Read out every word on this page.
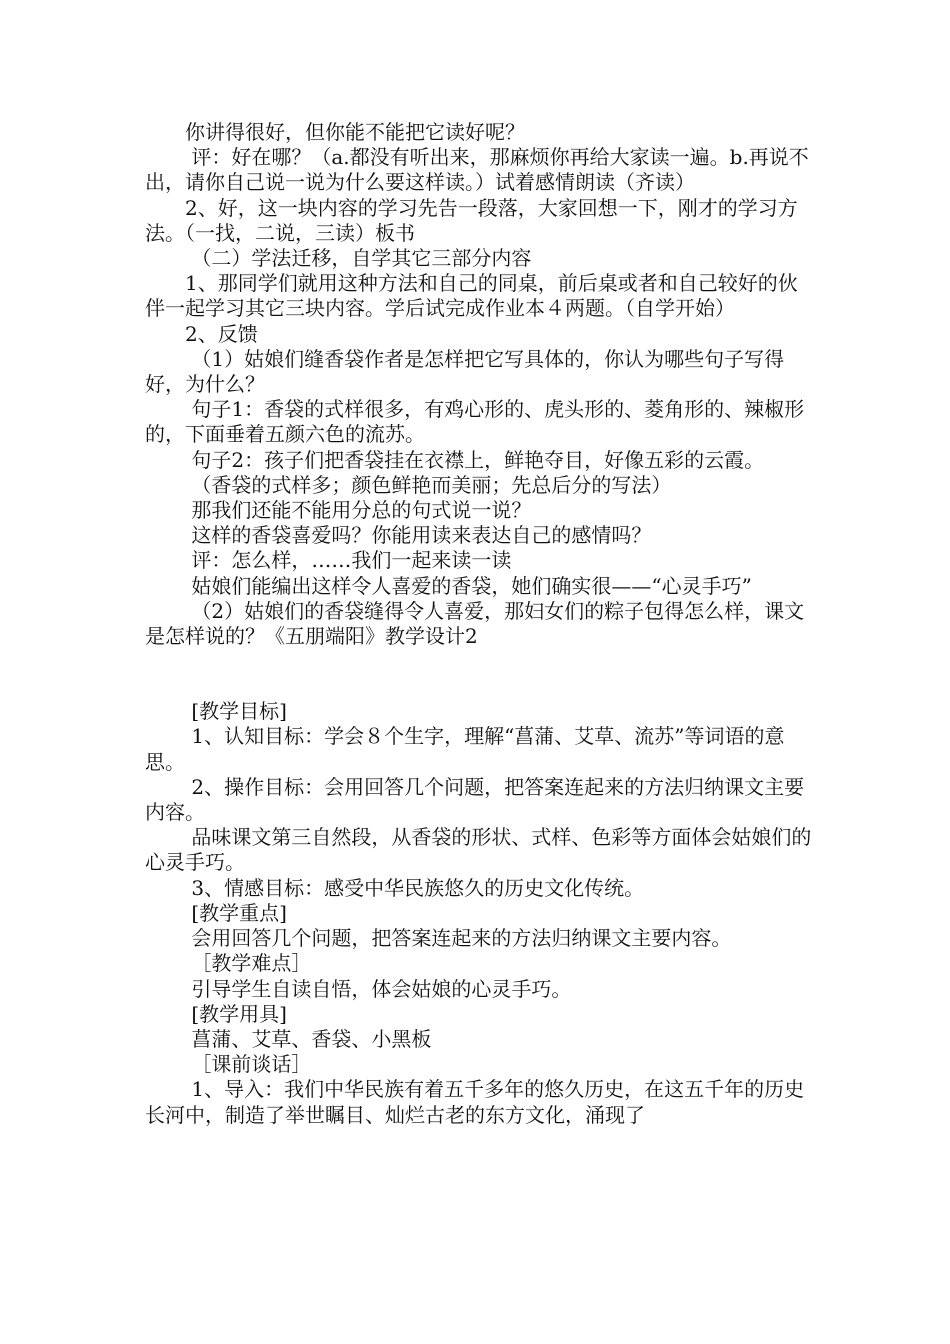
　　你讲得很好，但你能不能把它读好呢？
　　 评：好在哪？（a.都没有听出来，那麻烦你再给大家读一遍。b.再说不出，请你自己说一说为什么要这样读。）试着感情朗读（齐读）
　　2、好，这一块内容的学习先告一段落，大家回想一下，刚才的学习方法。（一找，二说，三读）板书
　　 （二）学法迁移，自学其它三部分内容
　　1、那同学们就用这种方法和自己的同桌，前后桌或者和自己较好的伙伴一起学习其它三块内容。学后试完成作业本４两题。（自学开始）
　　2、反馈
　　 （1）姑娘们缝香袋作者是怎样把它写具体的，你认为哪些句子写得好，为什么？
　　 句子1：香袋的式样很多，有鸡心形的、虎头形的、菱角形的、辣椒形的，下面垂着五颜六色的流苏。
　　 句子2：孩子们把香袋挂在衣襟上，鲜艳夺目，好像五彩的云霞。
　　 （香袋的式样多；颜色鲜艳而美丽；先总后分的写法）
　　 那我们还能不能用分总的句式说一说？
　　 这样的香袋喜爱吗？你能用读来表达自己的感情吗？
　　 评：怎么样，……我们一起来读一读
　　 姑娘们能编出这样令人喜爱的香袋，她们确实很——“心灵手巧”
　　 （2）姑娘们的香袋缝得令人喜爱，那妇女们的粽子包得怎么样，课文是怎样说的？《五朋端阳》教学设计2
　　 [教学目标]
　　 1、认知目标：学会８个生字，理解“菖蒲、艾草、流苏”等词语的意思。
　　 2、操作目标：会用回答几个问题，把答案连起来的方法归纳课文主要内容。
　　 品味课文第三自然段，从香袋的形状、式样、色彩等方面体会姑娘们的心灵手巧。
　　 3、情感目标：感受中华民族悠久的历史文化传统。
　　 [教学重点]
　　 会用回答几个问题，把答案连起来的方法归纳课文主要内容。
　　 ［教学难点］
　　 引导学生自读自悟，体会姑娘的心灵手巧。
　　 [教学用具]
　　 菖蒲、艾草、香袋、小黑板
　　 ［课前谈话］
　　 1、导入：我们中华民族有着五千多年的悠久历史，在这五千年的历史长河中，制造了举世瞩目、灿烂古老的东方文化，涌现了
